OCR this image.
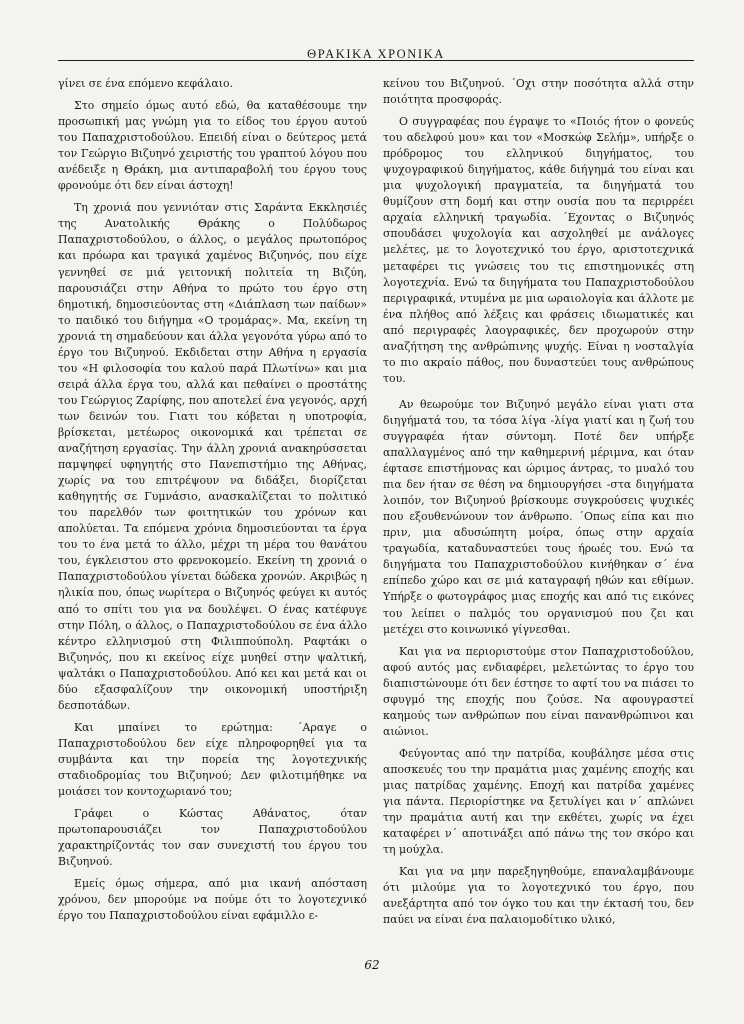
ΘΡΑΚΙΚΑ ΧΡΟΝΙΚΑ

γίνει σε ένα επόμενο κεφάλαιο.

Στο σημείο όμως αυτό εδώ, θα καταθέσουμε την προσωπική μας γνώμη για το είδος του έργου αυτού του Παπαχριστοδούλου. Επειδή είναι ο δεύτερος μετά τον Γεώργιο Βιζυηνό χειριστής του γραπτού λόγου που ανέδειξε η Θράκη, μια αντιπαραβολή του έργου τους φρονούμε ότι δεν είναι άστοχη!

Τη χρονιά που γεννιόταν στις Σαράντα Εκκλησιές της Ανατολικής Θράκης ο Πολύδωρος Παπαχριστοδούλου, ο άλλος, ο μεγάλος πρωτοπόρος και πρόωρα και τραγικά χαμένος Βιζυηνός, που είχε γεννηθεί σε μιά γειτονική πολιτεία τη Βιζύη, παρουσιάζει στην Αθήνα το πρώτο του έργο στη δημοτική, δημοσιεύοντας στη «Διάπλαση των παίδων» το παιδικό του διήγημα «Ο τρομάρας». Μα, εκείνη τη χρονιά τη σημαδεύουν και άλλα γεγονότα γύρω από το έργο του Βιζυηνού. Εκδιδεται στην Αθήνα η εργασία του «Η φιλοσοφία του καλού παρά Πλωτίνω» και μια σειρά άλλα έργα του, αλλά και πεθαίνει ο προστάτης του Γεώργιος Ζαρίφης, που αποτελεί ένα γεγονός, αρχή των δεινών του. Γιατι του κόβεται η υποτροφία, βρίσκεται, μετέωρος οικονομικά και τρέπεται σε αναζήτηση εργασίας. Την άλλη χρονιά ανακηρύσσεται παμψηφεί υφηγητής στο Πανεπιστήμιο της Αθήνας, χωρίς να του επιτρέψουν να διδάξει, διορίζεται καθηγητής σε Γυμνάσιο, ανασκαλίζεται το πολιτικό του παρελθόν των φοιτητικών του χρόνων και απολύεται. Τα επόμενα χρόνια δημοσιεύονται τα έργα του το ένα μετά το άλλο, μέχρι τη μέρα του θανάτου του, έγκλειστου στο φρενοκομείο. Εκείνη τη χρονιά ο Παπαχριστοδούλου γίνεται δώδεκα χρονών. Ακριβώς η ηλικία που, όπως νωρίτερα ο Βιζυηνός φεύγει κι αυτός από το σπίτι του για να δουλέψει. Ο ένας κατέφυγε στην Πόλη, ο άλλος, ο Παπαχριστοδούλου σε ένα άλλο κέντρο ελληνισμού στη Φιλιππούπολη. Ραφτάκι ο Βιζυηνός, που κι εκείνος είχε μυηθεί στην ψαλτική, ψαλτάκι ο Παπαχριστοδούλου. Από κει και μετά και οι δύο εξασφαλίζουν την οικονομική υποστήριξη δεσποτάδων.

Και μπαίνει το ερώτημα: ΄Αραγε ο Παπαχριστοδούλου δεν είχε πληροφορηθεί για τα συμβάντα και την πορεία της λογοτεχνικής σταδιοδρομίας του Βιζυηνού; Δεν φιλοτιμήθηκε να μοιάσει τον κοντοχωριανό του;

Γράφει ο Κώστας Αθάνατος, όταν πρωτοπαρουσιάζει τον Παπαχριστοδούλου χαρακτηρίζοντάς τον σαν συνεχιστή του έργου του Βιζυηνού.

Εμείς όμως σήμερα, από μια ικανή απόσταση χρόνου, δεν μπορούμε να πούμε ότι το λογοτεχνικό έργο του Παπαχριστοδούλου είναι εφάμιλλο ε-

κείνου του Βιζυηνού. ΄Οχι στην ποσότητα αλλά στην ποιότητα προσφοράς.

Ο συγγραφέας που έγραψε το «Ποιός ήτον ο φονεύς του αδελφού μου» και τον «Μοσκώφ Σελήμ», υπήρξε ο πρόδρομος του ελληνικού διηγήματος, του ψυχογραφικού διηγήματος, κάθε διήγημά του είναι και μια ψυχολογική πραγματεία, τα διηγήματά του θυμίζουν στη δομή και στην ουσία που τα περιρρέει αρχαία ελληνική τραγωδία. ΄Εχοντας ο Βιζυηνός σπουδάσει ψυχολογία και ασχοληθεί με ανάλογες μελέτες, με το λογοτεχνικό του έργο, αριστοτεχνικά μεταφέρει τις γνώσεις του τις επιστημονικές στη λογοτεχνία. Ενώ τα διηγήματα του Παπαχριστοδούλου περιγραφικά, ντυμένα με μια ωραιολογία και άλλοτε με ένα πλήθος από λέξεις και φράσεις ιδιωματικές και από περιγραφές λαογραφικές, δεν προχωρούν στην αναζήτηση της ανθρώπινης ψυχής. Είναι η νοσταλγία το πιο ακραίο πάθος, που δυναστεύει τους ανθρώπους του.

Αν θεωρούμε τον Βιζυηνό μεγάλο είναι γιατι στα διηγήματά του, τα τόσα λίγα -λίγα γιατί και η ζωή του συγγραφέα ήταν σύντομη. Ποτέ δεν υπήρξε απαλλαγμένος από την καθημερινή μέριμνα, και όταν έφτασε επιστήμονας και ώριμος άντρας, το μυαλό του πια δεν ήταν σε θέση να δημιουργήσει -στα διηγήματα λοιπόν, τον Βιζυηνού βρίσκουμε συγκρούσεις ψυχικές που εξουθενώνουν τον άνθρωπο. ΄Οπως είπα και πιο πριν, μια αδυσώπητη μοίρα, όπως στην αρχαία τραγωδία, καταδυναστεύει τους ήρωές του. Ενώ τα διηγήματα του Παπαχριστοδούλου κινήθηκαν σ΄ ένα επίπεδο χώρο και σε μιά καταγραφή ηθών και εθίμων. Υπήρξε ο φωτογράφος μιας εποχής και από τις εικόνες του λείπει ο παλμός του οργανισμού που ζει και μετέχει στο κοινωνικό γίγνεσθαι.

Και για να περιοριστούμε στον Παπαχριστοδούλου, αφού αυτός μας ενδιαφέρει, μελετώντας το έργο του διαπιστώνουμε ότι δεν έστησε το αφτί του να πιάσει το σφυγμό της εποχής που ζούσε. Να αφουγραστεί καημούς των ανθρώπων που είναι πανανθρώπινοι και αιώνιοι.

Φεύγοντας από την πατρίδα, κουβάλησε μέσα στις αποσκευές του την πραμάτια μιας χαμένης εποχής και μιας πατρίδας χαμένης. Εποχή και πατρίδα χαμένες για πάντα. Περιορίστηκε να ξετυλίγει και ν΄ απλώνει την πραμάτια αυτή και την εκθέτει, χωρίς να έχει καταφέρει ν΄ αποτινάξει από πάνω της τον σκόρο και τη μούχλα.

Και για να μην παρεξηγηθούμε, επαναλαμβάνουμε ότι μιλούμε για το λογοτεχνικό του έργο, που ανεξάρτητα από τον όγκο του και την έκτασή του, δεν παύει να είναι ένα παλαιομοδίτικο υλικό,

62
